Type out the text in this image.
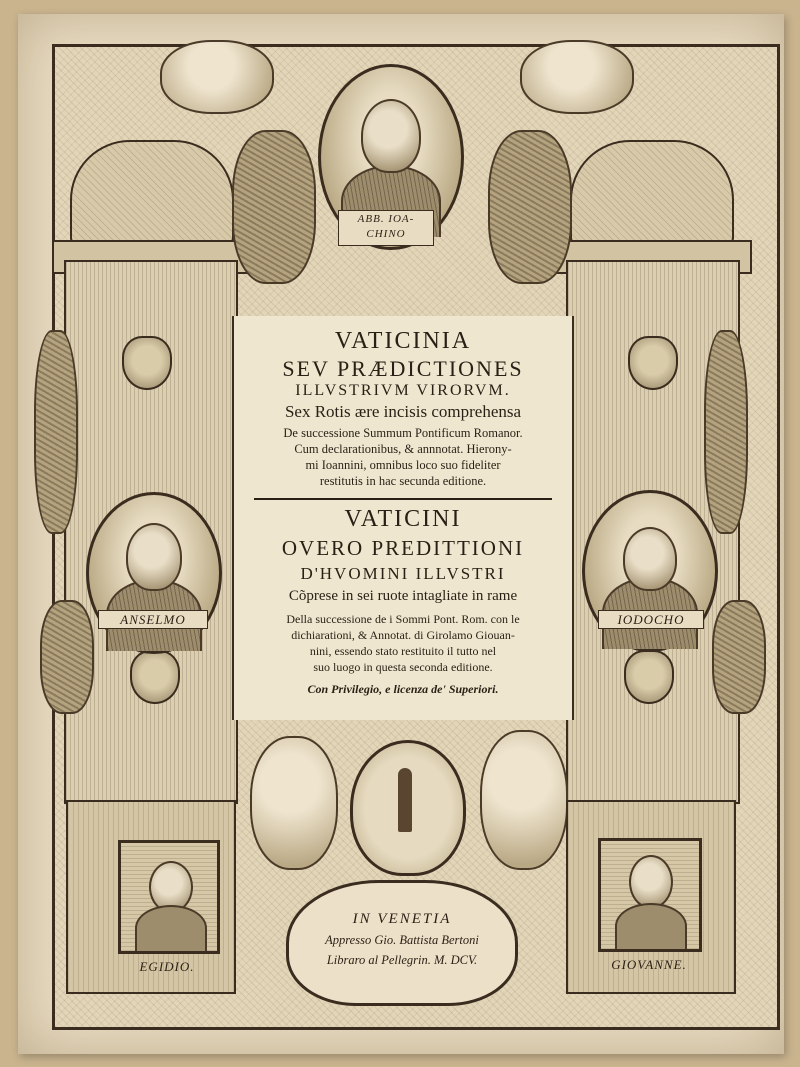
ABB. IOA-
CHINO
ANSELMO	IODOCHO
VATICINIA
SEV PRÆDICTIONES
ILLVSTRIVM VIRORVM.
Sex Rotis ære incisis comprehensa
De successione Summum Pontificum Romanor.
Cum declarationibus, & annnotat. Hierony-
mi Ioannini, omnibus loco suo fideliter
restitutis in hac secunda editione.
VATICINI
OVERO PREDITTIONI
D'HVOMINI ILLVSTRI
Cõprese in sei ruote intagliate in rame
Della successione de i Sommi Pont. Rom. con le
dichiarationi, & Annotat. di Girolamo Giouan-
nini, essendo stato restituito il tutto nel
suo luogo in questa seconda editione.
Con Privilegio, e licenza de' Superiori.
EGIDIO.	GIOVANNE.
IN VENETIA
Appresso Gio. Battista Bertoni
Libraro al Pellegrin. M. DCV.
